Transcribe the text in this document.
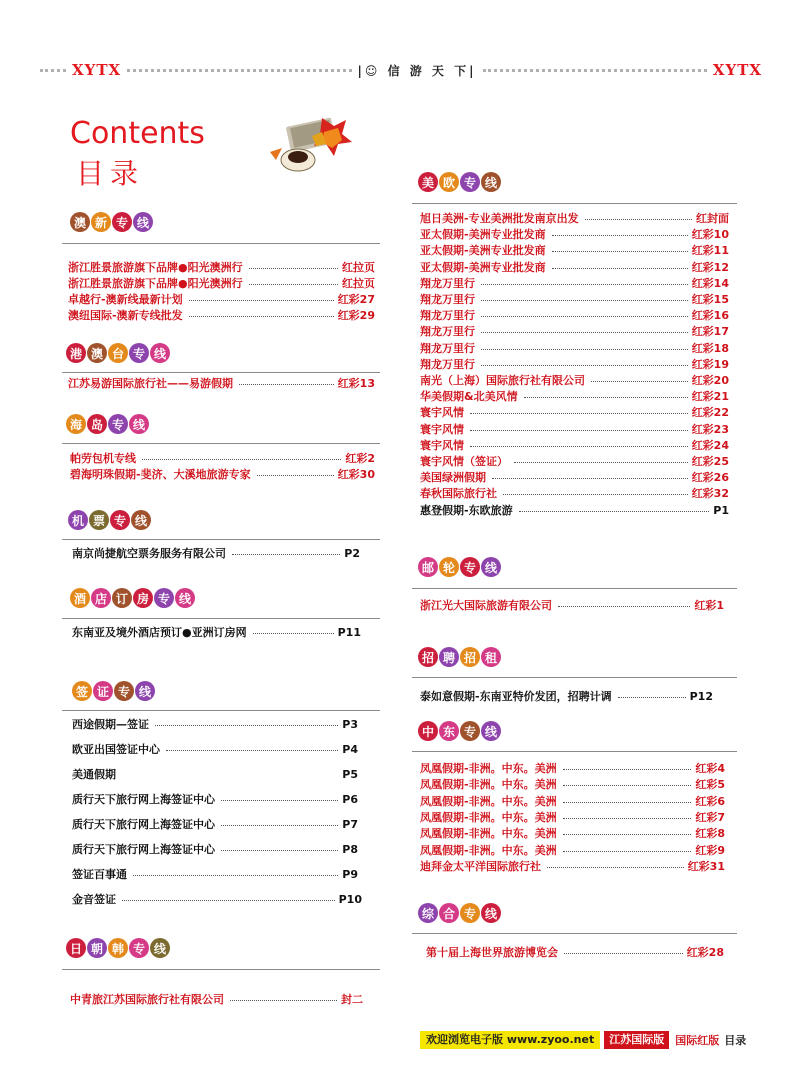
XYTX	|☺ 信 游 天 下|	XYTX
Contents
目录
澳 新 专 线
浙江胜景旅游旗下品牌●阳光澳洲行	红拉页
浙江胜景旅游旗下品牌●阳光澳洲行	红拉页
卓越行-澳新线最新计划	红彩27
澳纽国际-澳新专线批发	红彩29
港 澳 台 专 线
江苏易游国际旅行社——易游假期	红彩13
海 岛 专 线
帕劳包机专线	红彩2
碧海明珠假期-斐济、大溪地旅游专家	红彩30
机 票 专 线
南京尚捷航空票务服务有限公司	P2
酒 店 订 房 专 线
东南亚及境外酒店预订●亚洲订房网	P11
签 证 专 线
西途假期—签证	P3
欧亚出国签证中心	P4
美通假期	P5
质行天下旅行网上海签证中心	P6
质行天下旅行网上海签证中心	P7
质行天下旅行网上海签证中心	P8
签证百事通	P9
金音签证	P10
日 朝 韩 专 线
中青旅江苏国际旅行社有限公司	封二
美 欧 专 线
旭日美洲-专业美洲批发南京出发	红封面
亚太假期-美洲专业批发商	红彩10
亚太假期-美洲专业批发商	红彩11
亚太假期-美洲专业批发商	红彩12
翔龙万里行	红彩14
翔龙万里行	红彩15
翔龙万里行	红彩16
翔龙万里行	红彩17
翔龙万里行	红彩18
翔龙万里行	红彩19
南光（上海）国际旅行社有限公司	红彩20
华美假期&北美风情	红彩21
寰宇风情	红彩22
寰宇风情	红彩23
寰宇风情	红彩24
寰宇风情（签证）	红彩25
美国绿洲假期	红彩26
春秋国际旅行社	红彩32
惠登假期-东欧旅游	P1
邮 轮 专 线
浙江光大国际旅游有限公司	红彩1
招 聘 招 租
泰如意假期-东南亚特价发团，招聘计调	P12
中 东 专 线
凤凰假期-非洲。中东。美洲	红彩4
凤凰假期-非洲。中东。美洲	红彩5
凤凰假期-非洲。中东。美洲	红彩6
凤凰假期-非洲。中东。美洲	红彩7
凤凰假期-非洲。中东。美洲	红彩8
凤凰假期-非洲。中东。美洲	红彩9
迪拜金太平洋国际旅行社	红彩31
综 合 专 线
第十届上海世界旅游博览会	红彩28
欢迎浏览电子版 www.zyoo.net	江苏国际版	国际红版 目录
